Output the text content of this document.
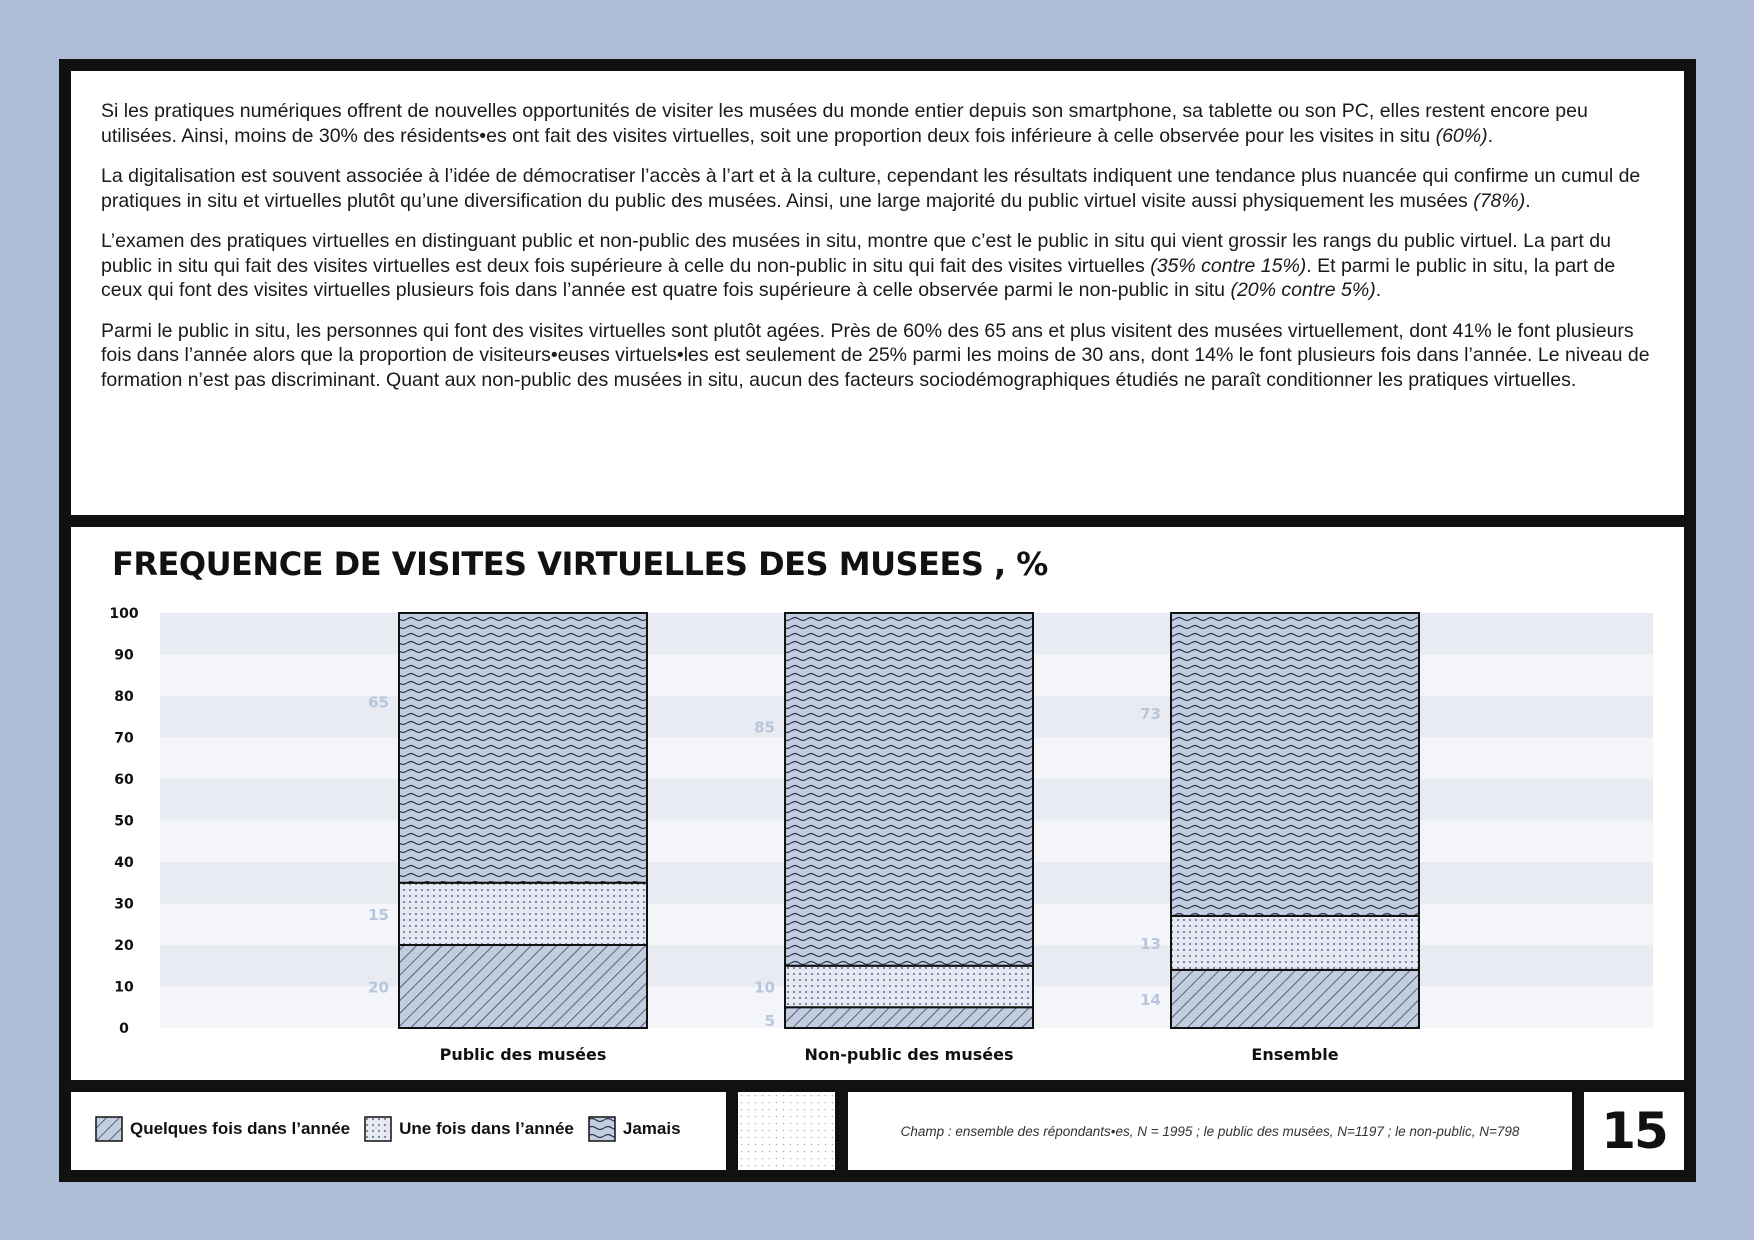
Si les pratiques numériques offrent de nouvelles opportunités de visiter les musées du monde entier depuis son smartphone, sa tablette ou son PC, elles restent encore peu utilisées. Ainsi, moins de 30% des résidents•es ont fait des visites virtuelles, soit une proportion deux fois inférieure à celle observée pour les visites in situ (60%).

La digitalisation est souvent associée à l’idée de démocratiser l’accès à l’art et à la culture, cependant les résultats indiquent une tendance plus nuancée qui confirme un cumul de pratiques in situ et virtuelles plutôt qu’une diversification du public des musées. Ainsi, une large majorité du public virtuel visite aussi physiquement les musées (78%).

L’examen des pratiques virtuelles en distinguant public et non-public des musées in situ, montre que c’est le public in situ qui vient grossir les rangs du public virtuel. La part du public in situ qui fait des visites virtuelles est deux fois supérieure à celle du non-public in situ qui fait des visites virtuelles (35% contre 15%). Et parmi le public in situ, la part de ceux qui font des visites virtuelles plusieurs fois dans l’année est quatre fois supérieure à celle observée parmi le non-public in situ (20% contre 5%).

Parmi le public in situ, les personnes qui font des visites virtuelles sont plutôt agées. Près de 60% des 65 ans et plus visitent des musées virtuellement, dont 41% le font plusieurs fois dans l’année alors que la proportion de visiteurs•euses virtuels•les est seulement de 25% parmi les moins de 30 ans, dont 14% le font plusieurs fois dans l’année. Le niveau de formation n’est pas discriminant. Quant aux non-public des musées in situ, aucun des facteurs sociodémographiques étudiés ne paraît conditionner les pratiques virtuelles.

FREQUENCE DE VISITES VIRTUELLES DES MUSEES , %
0
10
20
30
40
50
60
70
80
90
100
20
15
65
5
10
85
14
13
73
Public des musées	Non-public des musées	Ensemble
Quelques fois dans l’année	Une fois dans l’année	Jamais	Champ : ensemble des répondants•es, N = 1995 ; le public des musées, N=1197 ; le non-public, N=798	15
